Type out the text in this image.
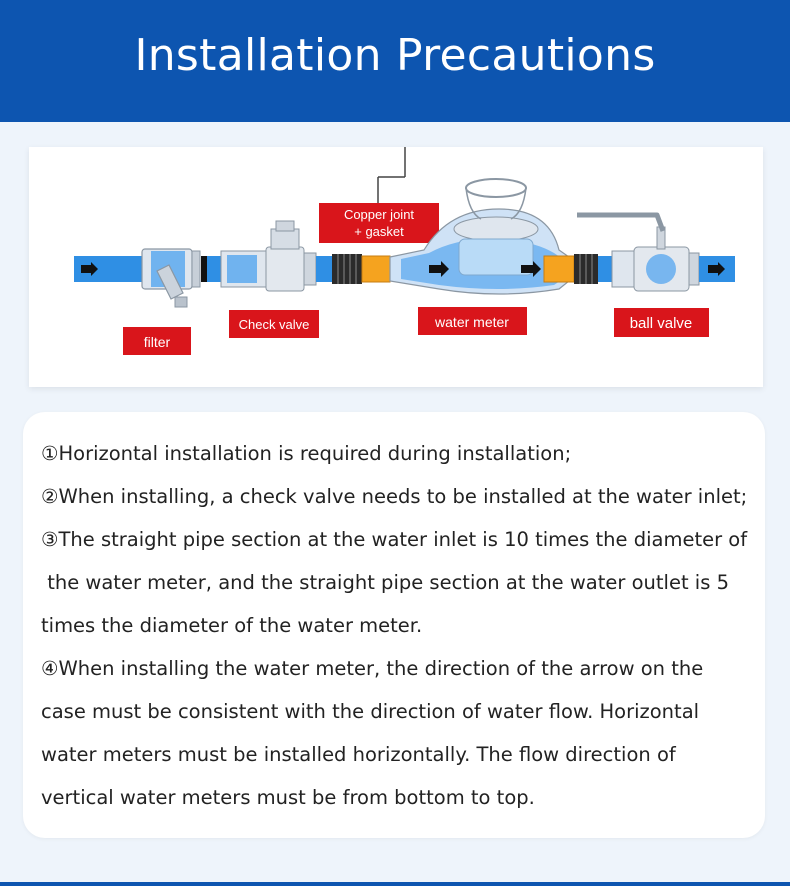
Installation Precautions
Copper joint
+ gasket
filter
Check valve	water meter	ball valve
①Horizontal installation is required during installation;
②When installing, a check valve needs to be installed at the water inlet;
③The straight pipe section at the water inlet is 10 times the diameter of
the water meter, and the straight pipe section at the water outlet is 5
times the diameter of the water meter.
④When installing the water meter, the direction of the arrow on the
case must be consistent with the direction of water flow. Horizontal
water meters must be installed horizontally. The flow direction of
vertical water meters must be from bottom to top.
